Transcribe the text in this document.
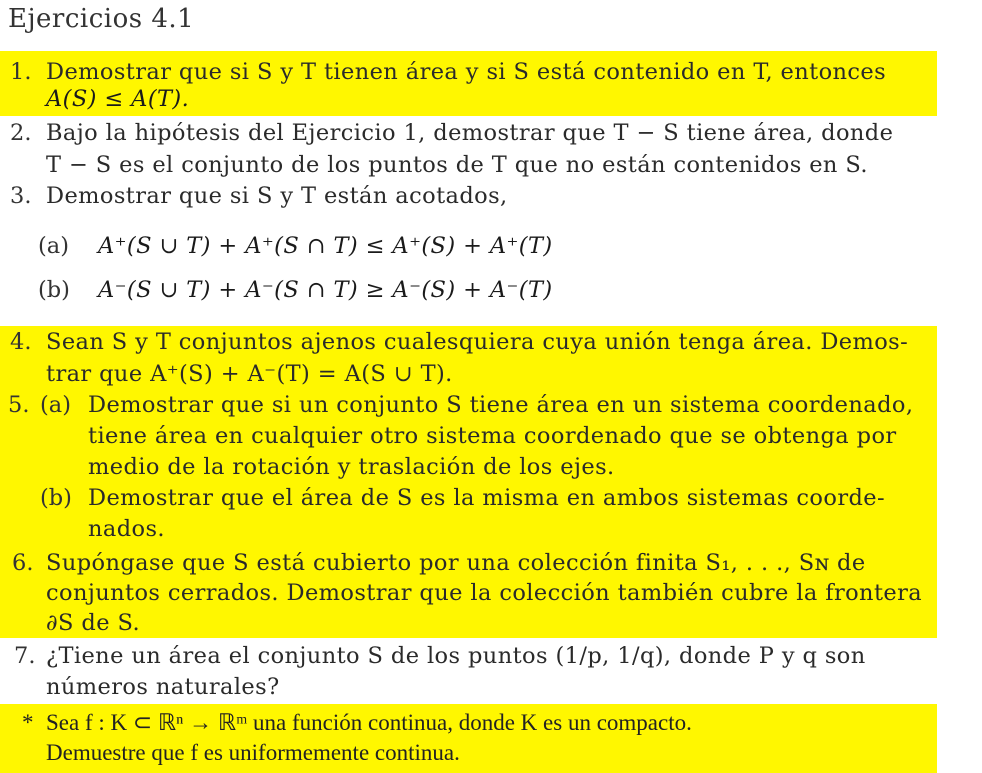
Ejercicios 4.1
1. Demostrar que si S y T tienen área y si S está contenido en T, entonces
A(S) ≤ A(T).
2. Bajo la hipótesis del Ejercicio 1, demostrar que T − S tiene área, donde
T − S es el conjunto de los puntos de T que no están contenidos en S.
3. Demostrar que si S y T están acotados,
(a) A⁺(S ∪ T) + A⁺(S ∩ T) ≤ A⁺(S) + A⁺(T)
(b) A⁻(S ∪ T) + A⁻(S ∩ T) ≥ A⁻(S) + A⁻(T)
4. Sean S y T conjuntos ajenos cualesquiera cuya unión tenga área. Demos-
trar que A⁺(S) + A⁻(T) = A(S ∪ T).
5. (a) Demostrar que si un conjunto S tiene área en un sistema coordenado,
tiene área en cualquier otro sistema coordenado que se obtenga por
medio de la rotación y traslación de los ejes.
(b) Demostrar que el área de S es la misma en ambos sistemas coorde-
nados.
6. Supóngase que S está cubierto por una colección finita S₁, . . ., Sɴ de
conjuntos cerrados. Demostrar que la colección también cubre la frontera
∂S de S.
7. ¿Tiene un área el conjunto S de los puntos (1/p, 1/q), donde P y q son
números naturales?
* Sea f : K ⊂ ℝⁿ → ℝᵐ una función continua, donde K es un compacto.
Demuestre que f es uniformemente continua.
